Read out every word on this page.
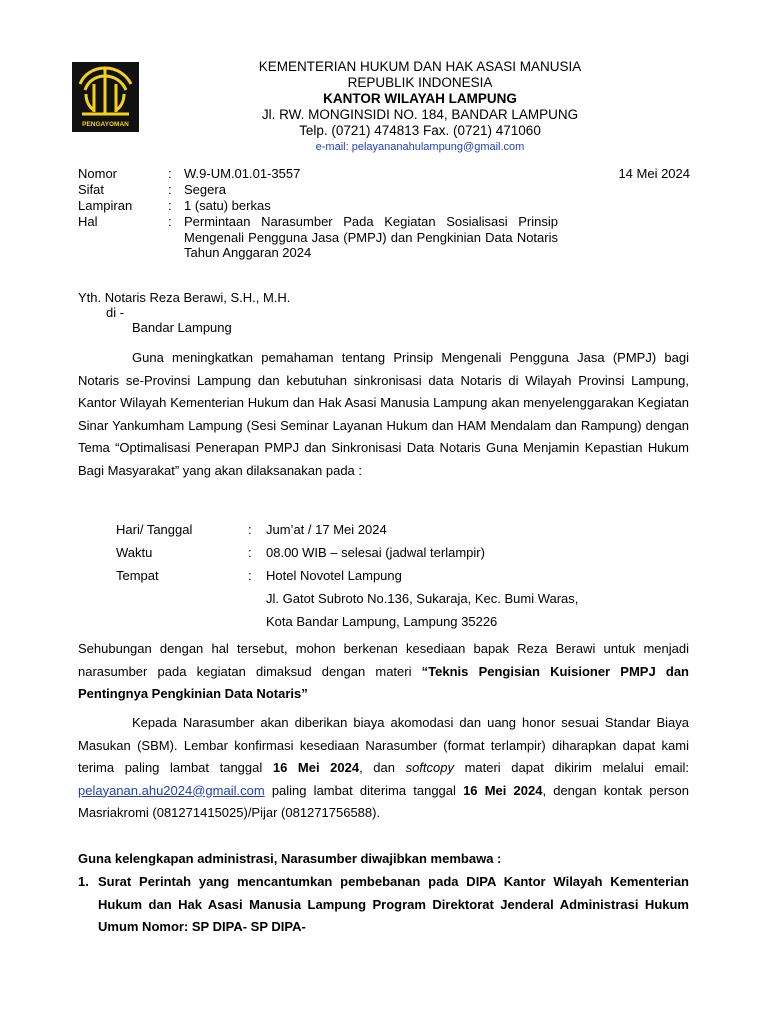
PENGAYOMAN
KEMENTERIAN HUKUM DAN HAK ASASI MANUSIA
REPUBLIK INDONESIA
KANTOR WILAYAH LAMPUNG
Jl. RW. MONGINSIDI NO. 184, BANDAR LAMPUNG
Telp. (0721) 474813 Fax. (0721) 471060
e-mail: pelayananahulampung@gmail.com
Nomor	: W.9-UM.01.01-3557	14 Mei 2024
Sifat	: Segera
Lampiran	: 1 (satu) berkas
Hal	: Permintaan Narasumber Pada Kegiatan Sosialisasi Prinsip Mengenali Pengguna Jasa (PMPJ) dan Pengkinian Data Notaris Tahun Anggaran 2024
Yth. Notaris Reza Berawi, S.H., M.H.
di -
Bandar Lampung
Guna meningkatkan pemahaman tentang Prinsip Mengenali Pengguna Jasa (PMPJ) bagi Notaris se-Provinsi Lampung dan kebutuhan sinkronisasi data Notaris di Wilayah Provinsi Lampung, Kantor Wilayah Kementerian Hukum dan Hak Asasi Manusia Lampung akan menyelenggarakan Kegiatan Sinar Yankumham Lampung (Sesi Seminar Layanan Hukum dan HAM Mendalam dan Rampung) dengan Tema “Optimalisasi Penerapan PMPJ dan Sinkronisasi Data Notaris Guna Menjamin Kepastian Hukum Bagi Masyarakat” yang akan dilaksanakan pada :
Hari/ Tanggal	: Jum’at / 17 Mei 2024
Waktu	: 08.00 WIB – selesai (jadwal terlampir)
Tempat	: Hotel Novotel Lampung
Jl. Gatot Subroto No.136, Sukaraja, Kec. Bumi Waras,
Kota Bandar Lampung, Lampung 35226
Sehubungan dengan hal tersebut, mohon berkenan kesediaan bapak Reza Berawi untuk menjadi narasumber pada kegiatan dimaksud dengan materi “Teknis Pengisian Kuisioner PMPJ dan Pentingnya Pengkinian Data Notaris”
Kepada Narasumber akan diberikan biaya akomodasi dan uang honor sesuai Standar Biaya Masukan (SBM). Lembar konfirmasi kesediaan Narasumber (format terlampir) diharapkan dapat kami terima paling lambat tanggal 16 Mei 2024, dan softcopy materi dapat dikirim melalui email: pelayanan.ahu2024@gmail.com paling lambat diterima tanggal 16 Mei 2024, dengan kontak person Masriakromi (081271415025)/Pijar (081271756588).
Guna kelengkapan administrasi, Narasumber diwajibkan membawa :
1. Surat Perintah yang mencantumkan pembebanan pada DIPA Kantor Wilayah Kementerian Hukum dan Hak Asasi Manusia Lampung Program Direktorat Jenderal Administrasi Hukum Umum Nomor: SP DIPA- SP DIPA-
